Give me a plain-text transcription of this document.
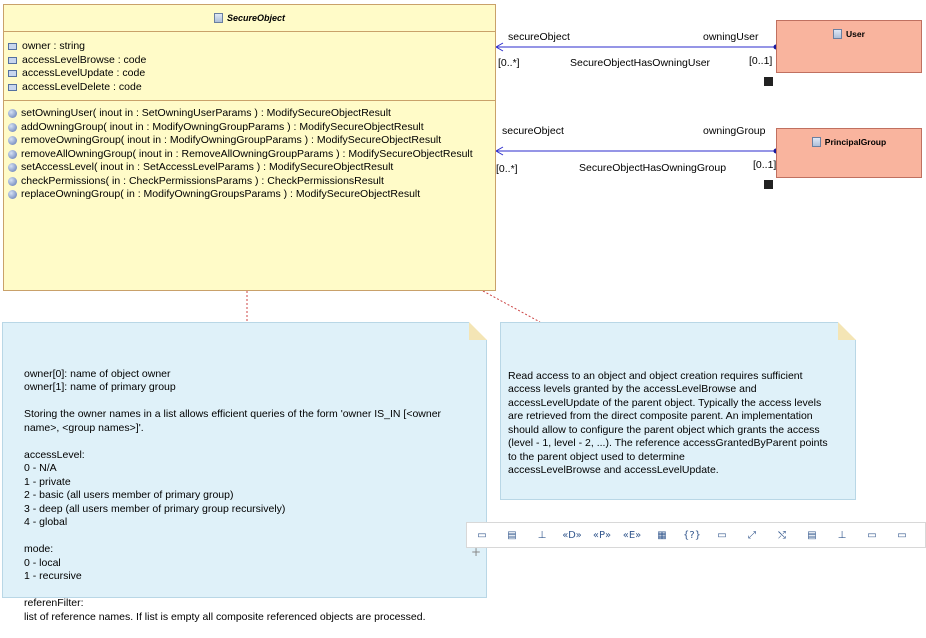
SecureObject
owner : string
accessLevelBrowse : code
accessLevelUpdate : code
accessLevelDelete : code
setOwningUser( inout in : SetOwningUserParams ) : ModifySecureObjectResult
addOwningGroup( inout in : ModifyOwningGroupParams ) : ModifySecureObjectResult
removeOwningGroup( inout in : ModifyOwningGroupParams ) : ModifySecureObjectResult
removeAllOwningGroup( inout in : RemoveAllOwningGroupParams ) : ModifySecureObjectResult
setAccessLevel( inout in : SetAccessLevelParams ) : ModifySecureObjectResult
checkPermissions( in : CheckPermissionsParams ) : CheckPermissionsResult
replaceOwningGroup( in : ModifyOwningGroupsParams ) : ModifySecureObjectResult
User
PrincipalGroup
secureObject	owningUser
[0..*]	SecureObjectHasOwningUser	[0..1]
secureObject	owningGroup
[0..*]	SecureObjectHasOwningGroup	[0..1]

owner[0]: name of object owner
owner[1]: name of primary group

Storing the owner names in a list allows efficient queries of the form 'owner IS_IN [<owner
name>, <group names>]'.

accessLevel:
0 - N/A
1 - private
2 - basic (all users member of primary group)
3 - deep (all users member of primary group recursively)
4 - global

mode:
0 - local
1 - recursive

referenFilter:
list of reference names. If list is empty all composite referenced objects are processed.

Read access to an object and object creation requires sufficient
access levels granted by the accessLevelBrowse and
accessLevelUpdate of the parent object. Typically the access levels
are retrieved from the direct composite parent. An implementation
should allow to configure the parent object which grants the access
(level - 1, level - 2, ...). The reference accessGrantedByParent points
to the parent object used to determine
accessLevelBrowse and accessLevelUpdate.

▭ ▤ ⊥ «D» «P» «E» ▦ {?} ▭ ⤢ ⤭ ▤ ⊥ ▭ ▭
+
